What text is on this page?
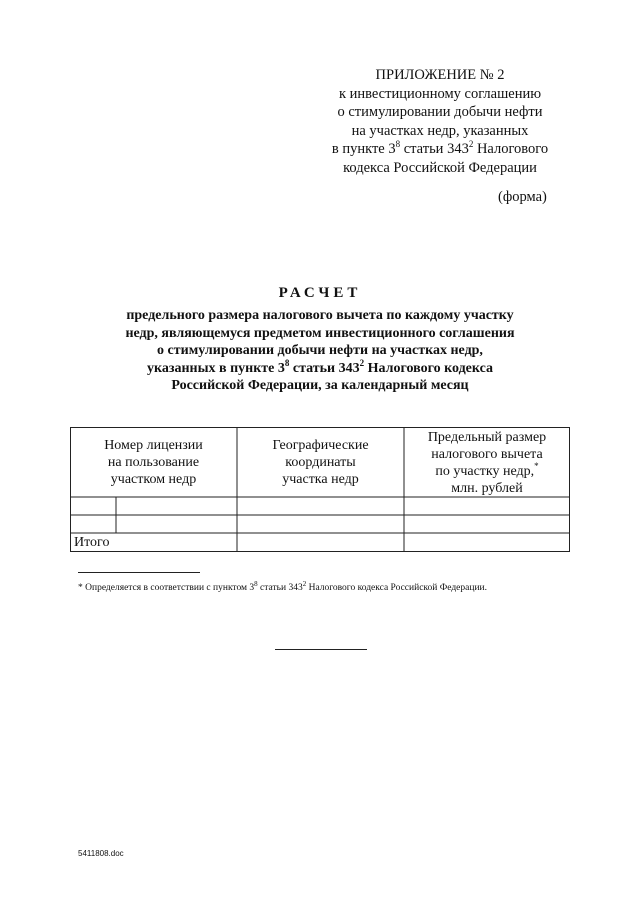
ПРИЛОЖЕНИЕ № 2
к инвестиционному соглашению
о стимулировании добычи нефти
на участках недр, указанных
в пункте $3^8$ статьи $343^2$ Налогового
кодекса Российской Федерации
(форма)
РАСЧЕТ
предельного размера налогового вычета по каждому участку
недр, являющемуся предметом инвестиционного соглашения
о стимулировании добычи нефти на участках недр,
указанных в пункте $3^8$ статьи $343^2$ Налогового кодекса
Российской Федерации, за календарный месяц
Номер лицензии
на пользование
участком недр
Географические
координаты
участка недр
Предельный размер
налогового вычета
по участку недр,*
млн. рублей
Итого
* Определяется в соответствии с пунктом $3^8$ статьи $343^2$ Налогового кодекса Российской Федерации.
5411808.doc
